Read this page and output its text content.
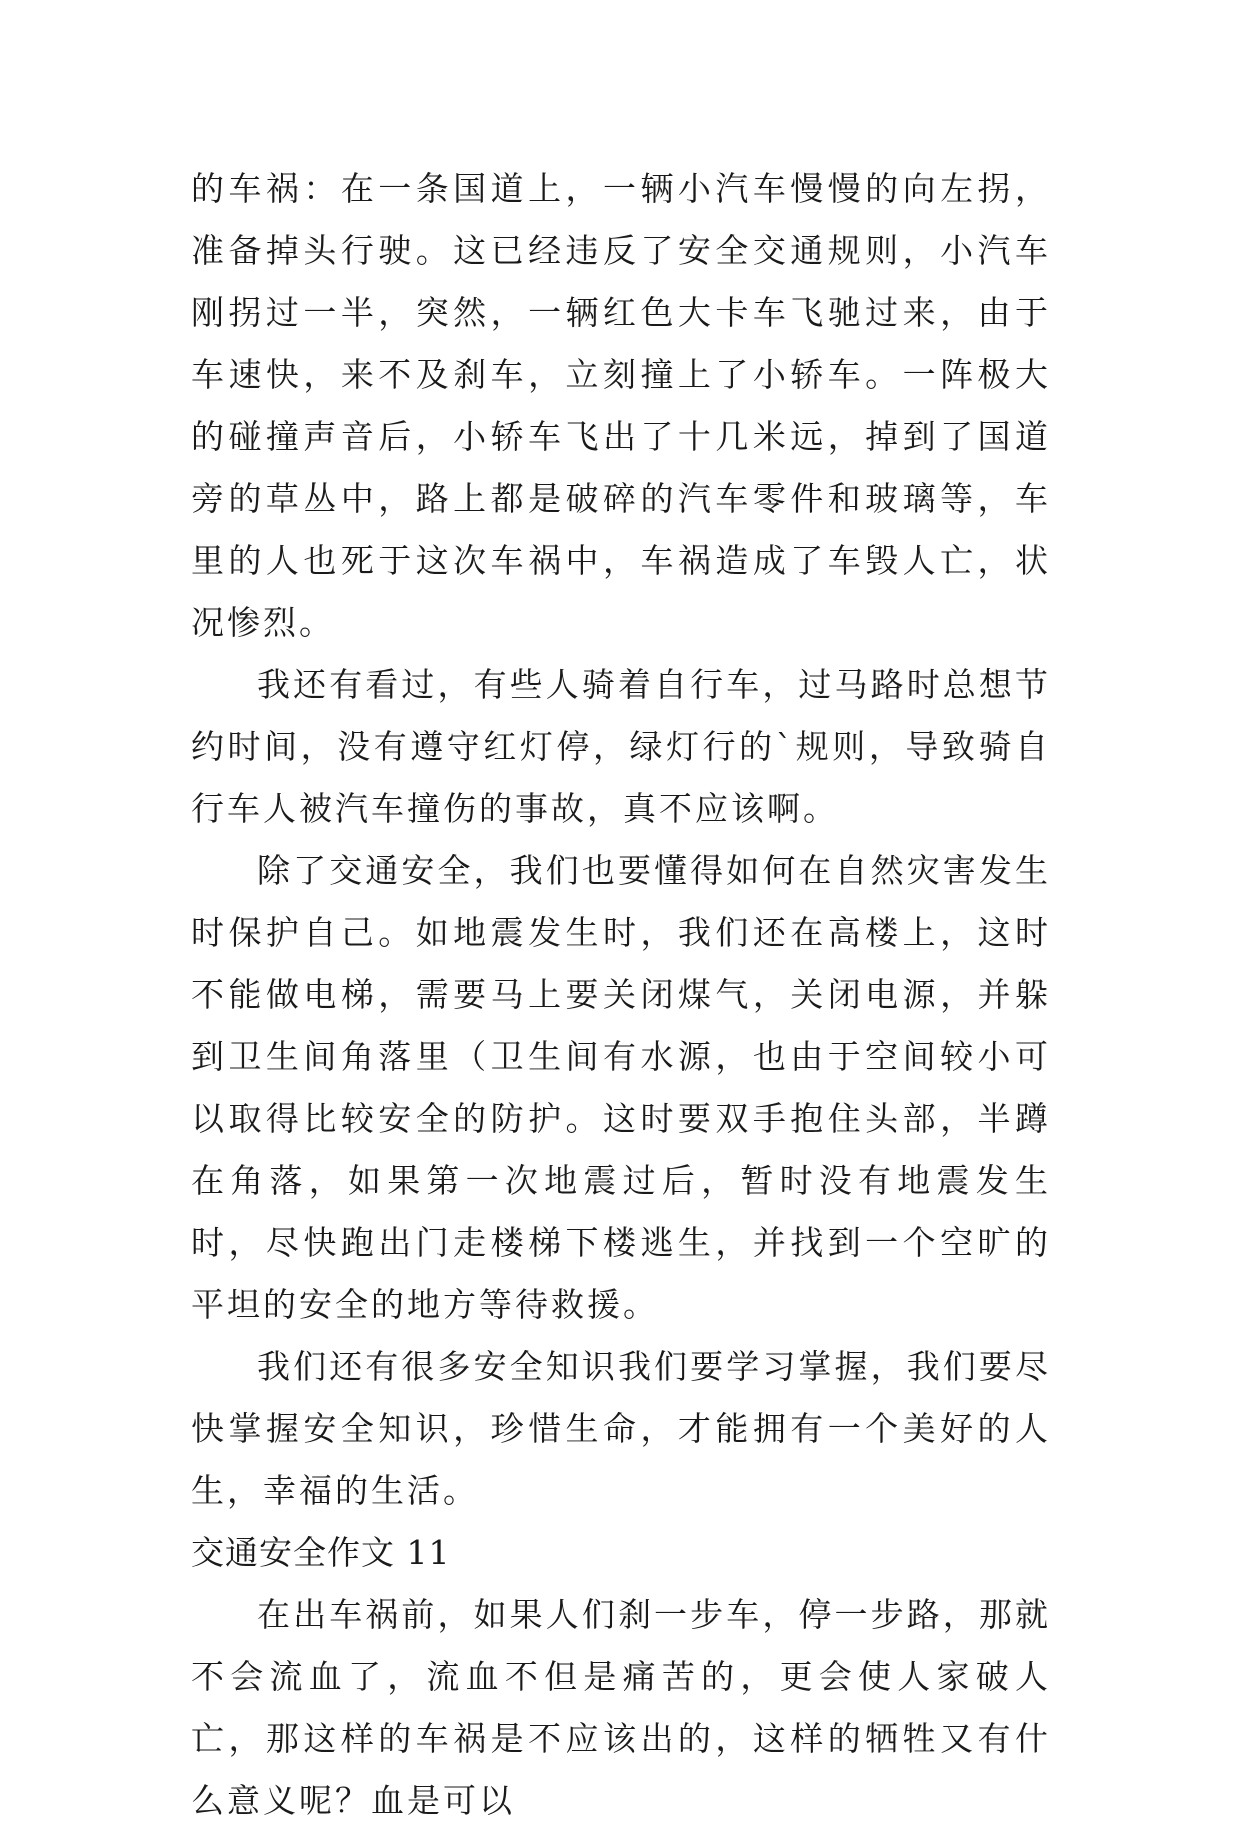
的车祸：在一条国道上，一辆小汽车慢慢的向左拐，准备掉头行驶。这已经违反了安全交通规则，小汽车刚拐过一半，突然，一辆红色大卡车飞驰过来，由于车速快，来不及刹车，立刻撞上了小轿车。一阵极大的碰撞声音后，小轿车飞出了十几米远，掉到了国道旁的草丛中，路上都是破碎的汽车零件和玻璃等，车里的人也死于这次车祸中，车祸造成了车毁人亡，状况惨烈。

我还有看过，有些人骑着自行车，过马路时总想节约时间，没有遵守红灯停，绿灯行的`规则，导致骑自行车人被汽车撞伤的事故，真不应该啊。

除了交通安全，我们也要懂得如何在自然灾害发生时保护自己。如地震发生时，我们还在高楼上，这时不能做电梯，需要马上要关闭煤气，关闭电源，并躲到卫生间角落里（卫生间有水源，也由于空间较小可以取得比较安全的防护。这时要双手抱住头部，半蹲在角落，如果第一次地震过后，暂时没有地震发生时，尽快跑出门走楼梯下楼逃生，并找到一个空旷的平坦的安全的地方等待救援。

我们还有很多安全知识我们要学习掌握，我们要尽快掌握安全知识，珍惜生命，才能拥有一个美好的人生，幸福的生活。

交通安全作文 11

在出车祸前，如果人们刹一步车，停一步路，那就不会流血了，流血不但是痛苦的，更会使人家破人亡，那这样的车祸是不应该出的，这样的牺牲又有什么意义呢？血是可以
